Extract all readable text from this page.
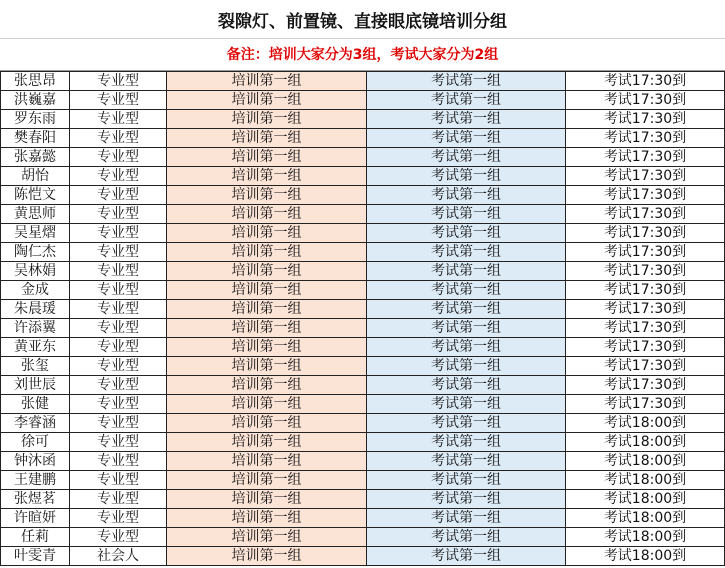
裂隙灯、前置镜、直接眼底镜培训分组
备注：培训大家分为3组，考试大家分为2组
张思昂	专业型	培训第一组	考试第一组	考试17:30到
洪巍嘉	专业型	培训第一组	考试第一组	考试17:30到
罗东雨	专业型	培训第一组	考试第一组	考试17:30到
樊春阳	专业型	培训第一组	考试第一组	考试17:30到
张嘉懿	专业型	培训第一组	考试第一组	考试17:30到
胡怡	专业型	培训第一组	考试第一组	考试17:30到
陈恺文	专业型	培训第一组	考试第一组	考试17:30到
黄思师	专业型	培训第一组	考试第一组	考试17:30到
吴星熠	专业型	培训第一组	考试第一组	考试17:30到
陶仁杰	专业型	培训第一组	考试第一组	考试17:30到
吴林娟	专业型	培训第一组	考试第一组	考试17:30到
金成	专业型	培训第一组	考试第一组	考试17:30到
朱晨瑗	专业型	培训第一组	考试第一组	考试17:30到
许添翼	专业型	培训第一组	考试第一组	考试17:30到
黄亚东	专业型	培训第一组	考试第一组	考试17:30到
张玺	专业型	培训第一组	考试第一组	考试17:30到
刘世辰	专业型	培训第一组	考试第一组	考试17:30到
张健	专业型	培训第一组	考试第一组	考试17:30到
李睿涵	专业型	培训第一组	考试第一组	考试18:00到
徐可	专业型	培训第一组	考试第一组	考试18:00到
钟沐函	专业型	培训第一组	考试第一组	考试18:00到
王建鹏	专业型	培训第一组	考试第一组	考试18:00到
张煜茗	专业型	培训第一组	考试第一组	考试18:00到
许暄妍	专业型	培训第一组	考试第一组	考试18:00到
任莉	专业型	培训第一组	考试第一组	考试18:00到
叶雯青	社会人	培训第一组	考试第一组	考试18:00到
